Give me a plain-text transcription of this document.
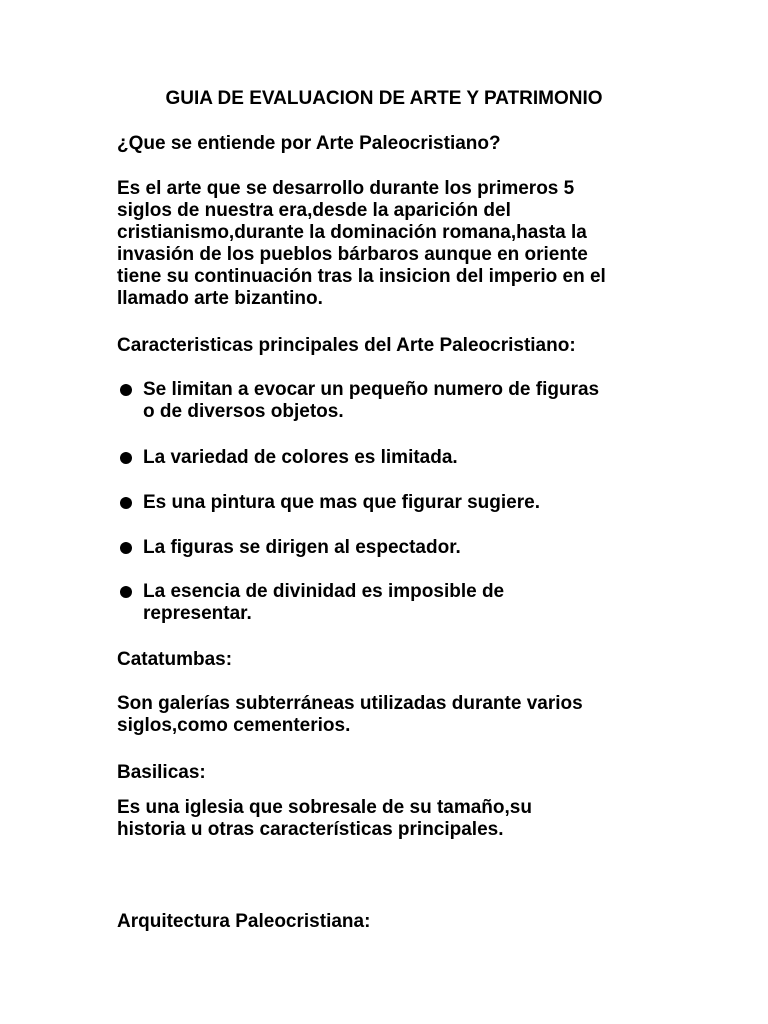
GUIA DE EVALUACION DE ARTE Y PATRIMONIO

¿Que se entiende por Arte Paleocristiano?

Es el arte que se desarrollo durante los primeros 5
siglos de nuestra era,desde la aparición del
cristianismo,durante la dominación romana,hasta la
invasión de los pueblos bárbaros aunque en oriente
tiene su continuación tras la insicion del imperio en el
llamado arte bizantino.

Caracteristicas principales del Arte Paleocristiano:

Se limitan a evocar un pequeño numero de figuras
o de diversos objetos.

La variedad de colores es limitada.

Es una pintura que mas que figurar sugiere.

La figuras se dirigen al espectador.

La esencia de divinidad es imposible de
representar.

Catatumbas:

Son galerías subterráneas utilizadas durante varios
siglos,como cementerios.

Basilicas:

Es una iglesia que sobresale de su tamaño,su
historia u otras características principales.

Arquitectura Paleocristiana:
